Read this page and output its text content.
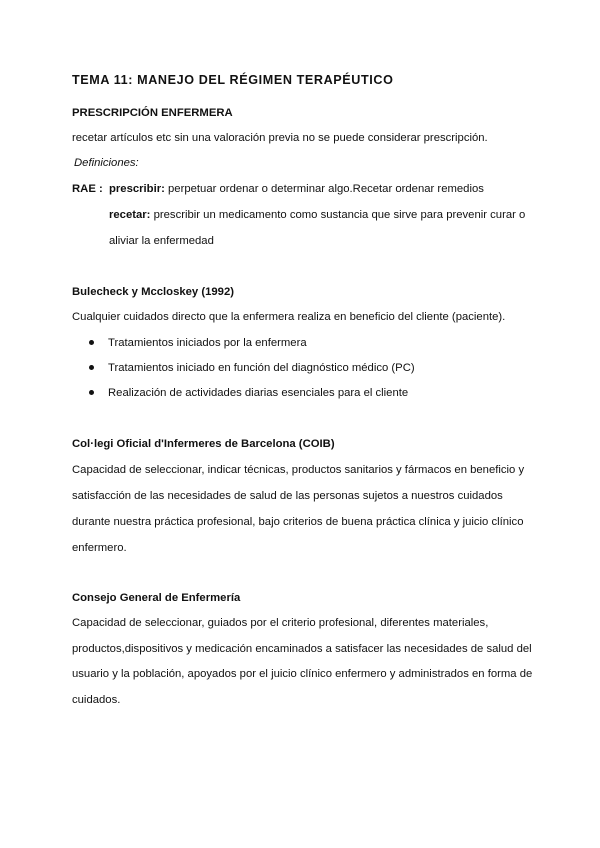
TEMA 11: MANEJO DEL RÉGIMEN TERAPÉUTICO
PRESCRIPCIÓN ENFERMERA
recetar artículos etc sin una valoración previa no se puede considerar prescripción.
Definiciones:
RAE : prescribir: perpetuar ordenar o determinar algo.Recetar ordenar remedios
recetar: prescribir un medicamento como sustancia que sirve para prevenir curar o
aliviar la enfermedad
Bulecheck y Mccloskey (1992)
Cualquier cuidados directo que la enfermera realiza en beneficio del cliente (paciente).
Tratamientos iniciados por la enfermera
Tratamientos iniciado en función del diagnóstico médico (PC)
Realización de actividades diarias esenciales para el cliente
Col·legi Oficial d'Infermeres de Barcelona (COIB)
Capacidad de seleccionar, indicar técnicas, productos sanitarios y fármacos en beneficio y
satisfacción de las necesidades de salud de las personas sujetos a nuestros cuidados
durante nuestra práctica profesional, bajo criterios de buena práctica clínica y juicio clínico
enfermero.
Consejo General de Enfermería
Capacidad de seleccionar, guiados por el criterio profesional, diferentes materiales,
productos,dispositivos y medicación encaminados a satisfacer las necesidades de salud del
usuario y la población, apoyados por el juicio clínico enfermero y administrados en forma de
cuidados.
